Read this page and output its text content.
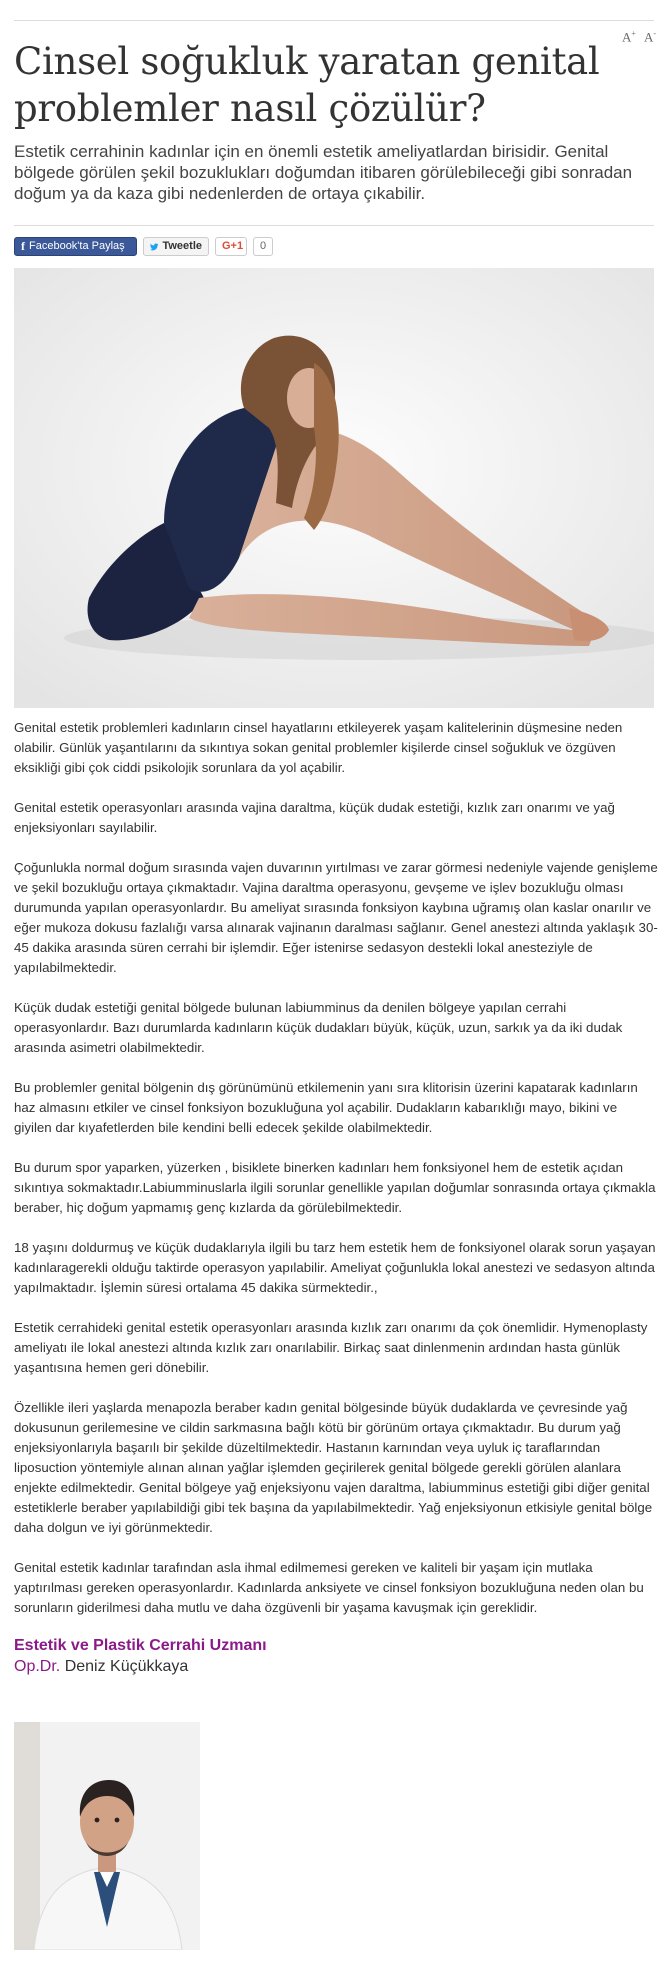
A+ A-
Cinsel soğukluk yaratan genital problemler nasıl çözülür?

Estetik cerrahinin kadınlar için en önemli estetik ameliyatlardan birisidir. Genital bölgede görülen şekil bozuklukları doğumdan itibaren görülebileceği gibi sonradan doğum ya da kaza gibi nedenlerden de ortaya çıkabilir.

f Facebook'ta Paylaş	Tweetle G+1	0

Genital estetik problemleri kadınların cinsel hayatlarını etkileyerek yaşam kalitelerinin düşmesine neden olabilir. Günlük yaşantılarını da sıkıntıya sokan genital problemler kişilerde cinsel soğukluk ve özgüven eksikliği gibi çok ciddi psikolojik sorunlara da yol açabilir.

Genital estetik operasyonları arasında vajina daraltma, küçük dudak estetiği, kızlık zarı onarımı ve yağ enjeksiyonları sayılabilir.

Çoğunlukla normal doğum sırasında vajen duvarının yırtılması ve zarar görmesi nedeniyle vajende genişleme ve şekil bozukluğu ortaya çıkmaktadır. Vajina daraltma operasyonu, gevşeme ve işlev bozukluğu olması durumunda yapılan operasyonlardır. Bu ameliyat sırasında fonksiyon kaybına uğramış olan kaslar onarılır ve eğer mukoza dokusu fazlalığı varsa alınarak vajinanın daralması sağlanır. Genel anestezi altında yaklaşık 30-45 dakika arasında süren cerrahi bir işlemdir. Eğer istenirse sedasyon destekli lokal anesteziyle de yapılabilmektedir.

Küçük dudak estetiği genital bölgede bulunan labiumminus da denilen bölgeye yapılan cerrahi operasyonlardır. Bazı durumlarda kadınların küçük dudakları büyük, küçük, uzun, sarkık ya da iki dudak arasında asimetri olabilmektedir.

Bu problemler genital bölgenin dış görünümünü etkilemenin yanı sıra klitorisin üzerini kapatarak kadınların haz almasını etkiler ve cinsel fonksiyon bozukluğuna yol açabilir. Dudakların kabarıklığı mayo, bikini ve giyilen dar kıyafetlerden bile kendini belli edecek şekilde olabilmektedir.

Bu durum spor yaparken, yüzerken , bisiklete binerken kadınları hem fonksiyonel hem de estetik açıdan sıkıntıya sokmaktadır.Labiumminuslarla ilgili sorunlar genellikle yapılan doğumlar sonrasında ortaya çıkmakla beraber, hiç doğum yapmamış genç kızlarda da görülebilmektedir.

18 yaşını doldurmuş ve küçük dudaklarıyla ilgili bu tarz hem estetik hem de fonksiyonel olarak sorun yaşayan kadınlaragerekli olduğu taktirde operasyon yapılabilir. Ameliyat çoğunlukla lokal anestezi ve sedasyon altında yapılmaktadır. İşlemin süresi ortalama 45 dakika sürmektedir.,

Estetik cerrahideki genital estetik operasyonları arasında kızlık zarı onarımı da çok önemlidir. Hymenoplasty ameliyatı ile lokal anestezi altında kızlık zarı onarılabilir. Birkaç saat dinlenmenin ardından hasta günlük yaşantısına hemen geri dönebilir.

Özellikle ileri yaşlarda menapozla beraber kadın genital bölgesinde büyük dudaklarda ve çevresinde yağ dokusunun gerilemesine ve cildin sarkmasına bağlı kötü bir görünüm ortaya çıkmaktadır. Bu durum yağ enjeksiyonlarıyla başarılı bir şekilde düzeltilmektedir. Hastanın karnından veya uyluk iç taraflarından liposuction yöntemiyle alınan alınan yağlar işlemden geçirilerek genital bölgede gerekli görülen alanlara enjekte edilmektedir. Genital bölgeye yağ enjeksiyonu vajen daraltma, labiumminus estetiği gibi diğer genital estetiklerle beraber yapılabildiği gibi tek başına da yapılabilmektedir. Yağ enjeksiyonun etkisiyle genital bölge daha dolgun ve iyi görünmektedir.

Genital estetik kadınlar tarafından asla ihmal edilmemesi gereken ve kaliteli bir yaşam için mutlaka yaptırılması gereken operasyonlardır. Kadınlarda anksiyete ve cinsel fonksiyon bozukluğuna neden olan bu sorunların giderilmesi daha mutlu ve daha özgüvenli bir yaşama kavuşmak için gereklidir.

Estetik ve Plastik Cerrahi Uzmanı
Op.Dr. Deniz Küçükkaya
